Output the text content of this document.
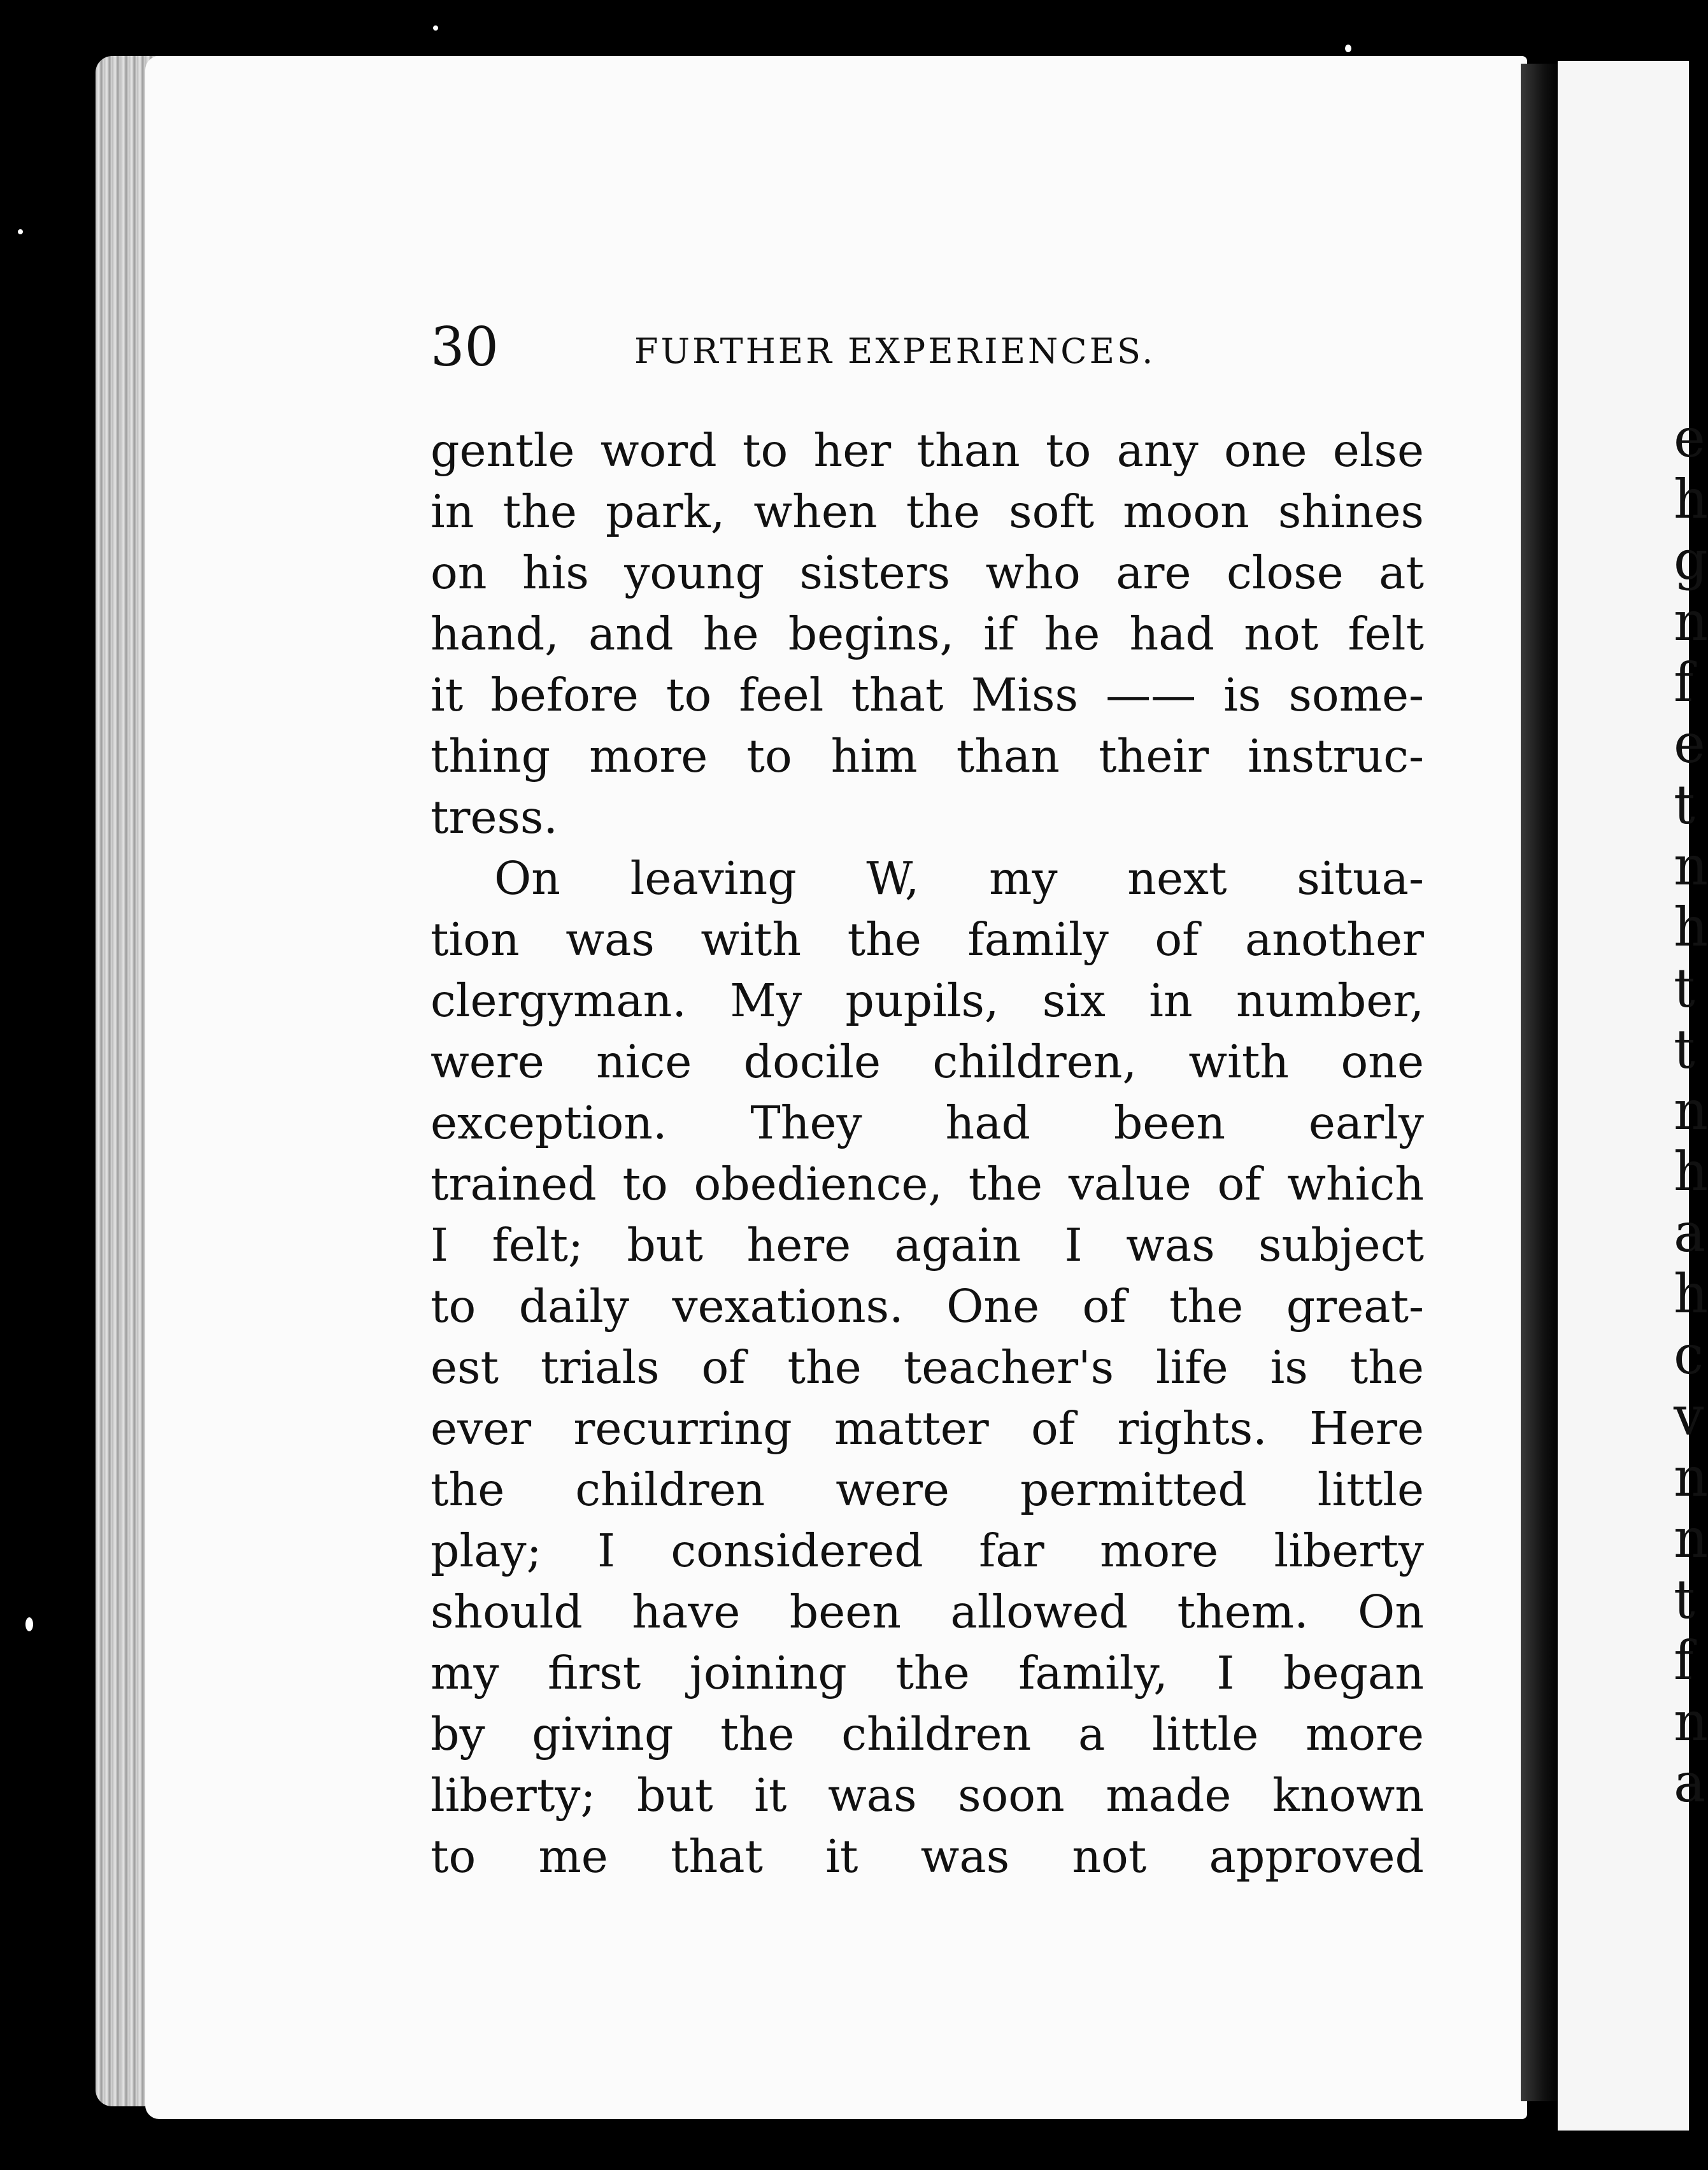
30	FURTHER EXPERIENCES.
gentle word to her than to any one else
in the park, when the soft moon shines
on his young sisters who are close at
hand, and he begins, if he had not felt
it before to feel that Miss —— is some-
thing more to him than their instruc-
tress.
On leaving W, my next situa-
tion was with the family of another
clergyman. My pupils, six in number,
were nice docile children, with one
exception. They had been early
trained to obedience, the value of which
I felt; but here again I was subject
to daily vexations. One of the great-
est trials of the teacher's life is the
ever recurring matter of rights. Here
the children were permitted little
play; I considered far more liberty
should have been allowed them. On
my first joining the family, I began
by giving the children a little more
liberty; but it was soon made known
to me that it was not approved
e
h
g
n
f
e
t
n
h
t
t
n
h
a
h
c
v
n
n
t
f
n
a
